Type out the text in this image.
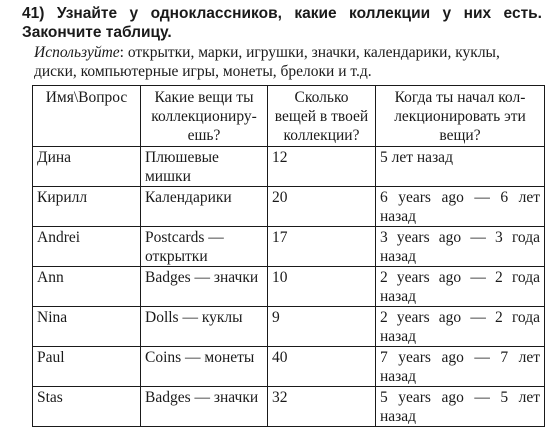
41) Узнайте у одноклассников, какие коллекции у них есть. Закончите таблицу.

Используйте: открытки, марки, игрушки, значки, календарики, куклы, диски, компьютерные игры, монеты, брелоки и т.д.

Имя\Вопрос	Какие вещи ты коллекциониру-ешь?	Сколько вещей в твоей коллекции?	Когда ты начал кол-лекционировать эти вещи?
Дина	Плюшевые мишки	12	5 лет назад
Кирилл	Календарики	20	6 years ago — 6 лет назад
Andrei	Postcards — открытки	17	3 years ago — 3 года назад
Ann	Badges — значки	10	2 years ago — 2 года назад
Nina	Dolls — куклы	9	2 years ago — 2 года назад
Paul	Coins — монеты	40	7 years ago — 7 лет назад
Stas	Badges — значки	32	5 years ago — 5 лет назад
